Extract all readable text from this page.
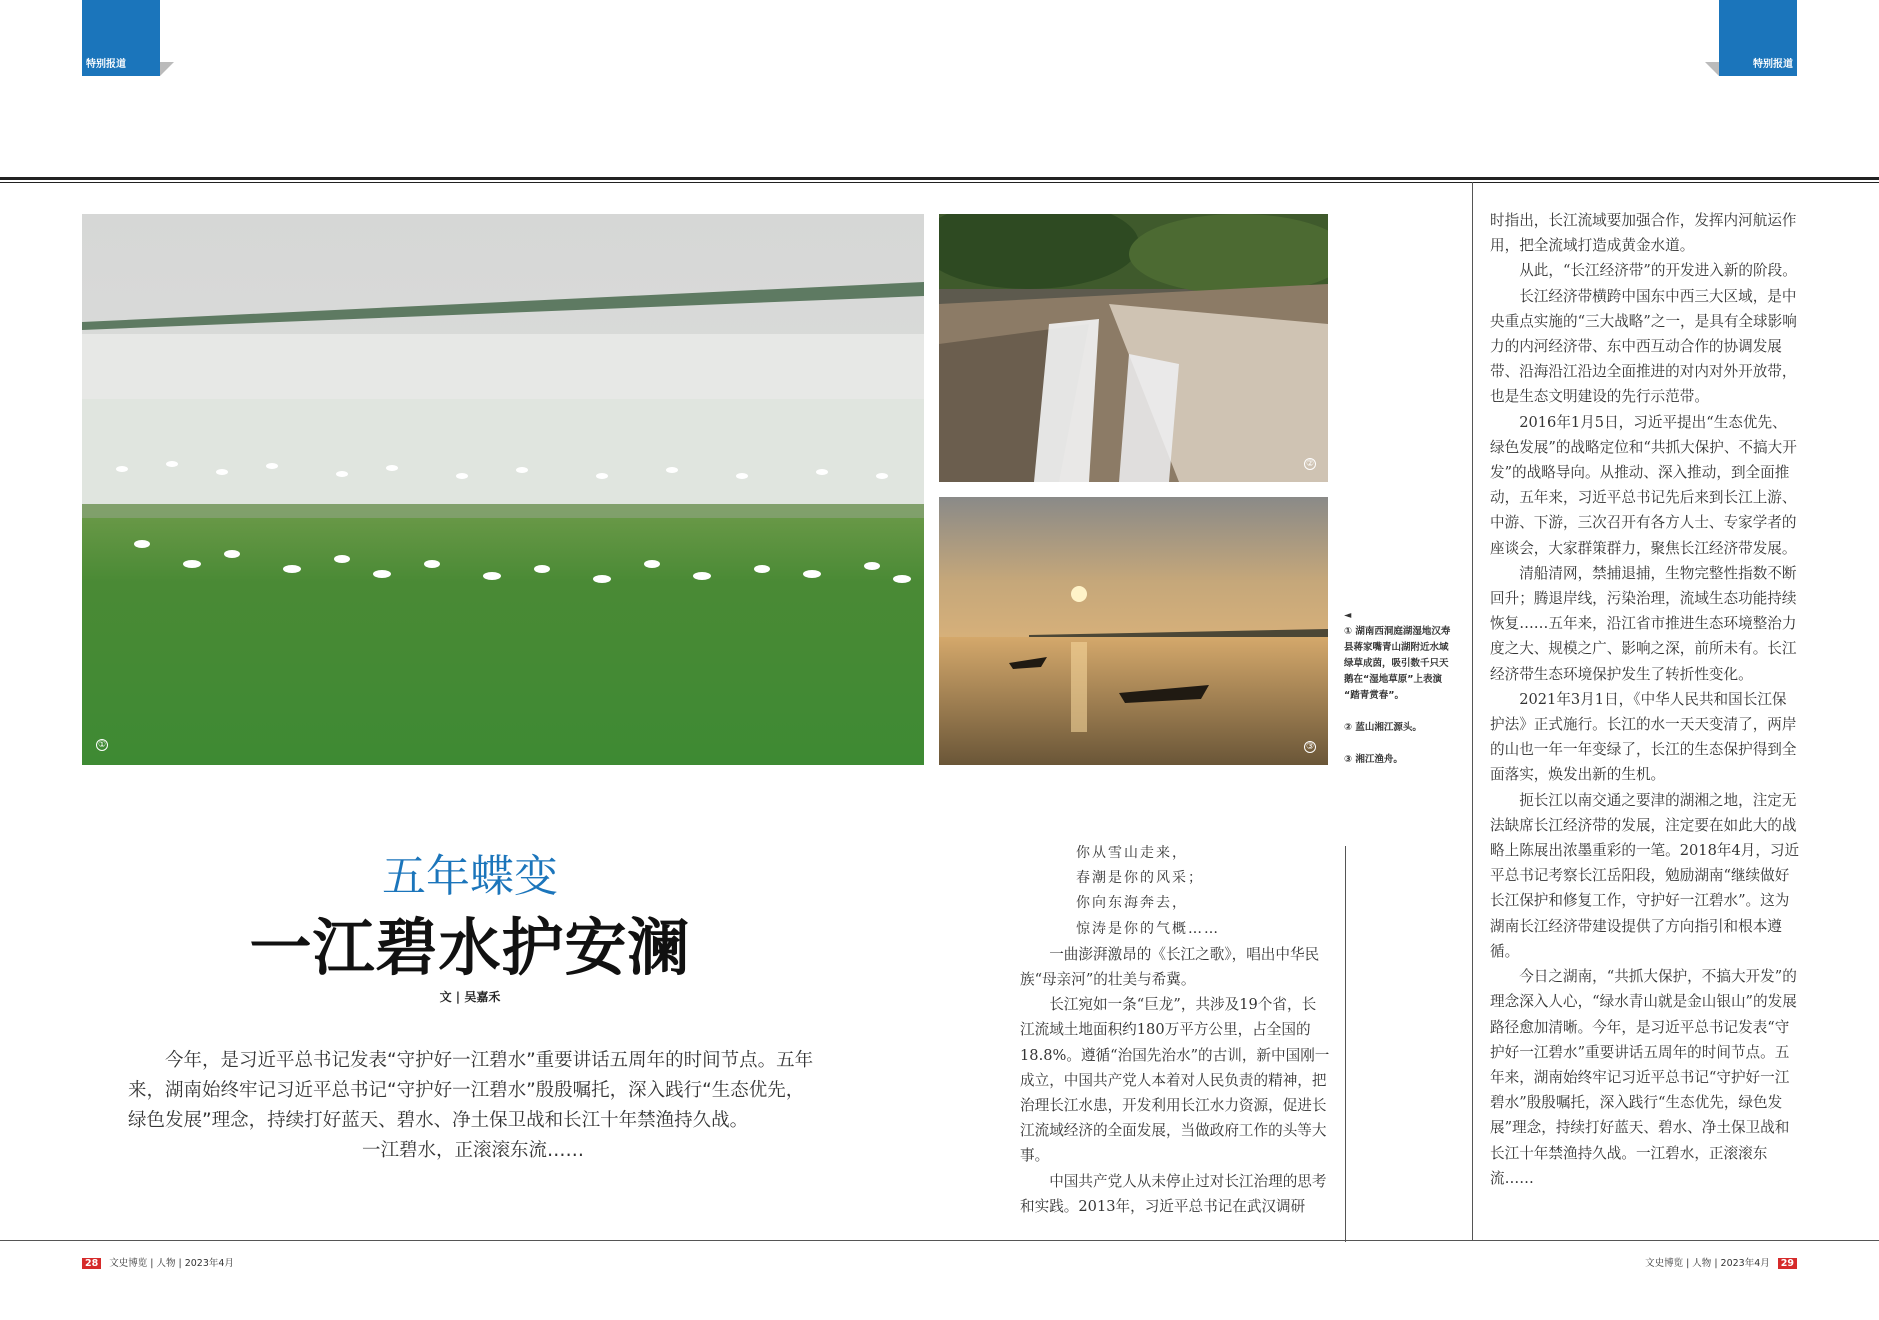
特别报道	特别报道
①
②
③
◄
① 湖南西洞庭湖湿地汉寿
县蒋家嘴青山湖附近水域
绿草成茵，吸引数千只天
鹅在“湿地草原”上表演
“踏青赏春”。
② 蓝山湘江源头。
③ 湘江渔舟。
五年蝶变
一江碧水护安澜
文 | 吴嘉禾

今年，是习近平总书记发表“守护好一江碧水”重要讲话五周年的时间节点。五年来，湖南始终牢记习近平总书记“守护好一江碧水”殷殷嘱托，深入践行“生态优先，绿色发展”理念，持续打好蓝天、碧水、净土保卫战和长江十年禁渔持久战。

一江碧水，正滚滚东流……

你从雪山走来，

春潮是你的风采；

你向东海奔去，

惊涛是你的气概……

一曲澎湃激昂的《长江之歌》，唱出中华民族“母亲河”的壮美与希冀。

长江宛如一条“巨龙”，共涉及19个省，长江流域土地面积约180万平方公里，占全国的18.8%。遵循“治国先治水”的古训，新中国刚一成立，中国共产党人本着对人民负责的精神，把治理长江水患，开发利用长江水力资源，促进长江流域经济的全面发展，当做政府工作的头等大事。

中国共产党人从未停止过对长江治理的思考和实践。2013年，习近平总书记在武汉调研

时指出，长江流域要加强合作，发挥内河航运作用，把全流域打造成黄金水道。

从此，“长江经济带”的开发进入新的阶段。

长江经济带横跨中国东中西三大区域，是中央重点实施的“三大战略”之一，是具有全球影响力的内河经济带、东中西互动合作的协调发展带、沿海沿江沿边全面推进的对内对外开放带，也是生态文明建设的先行示范带。

2016年1月5日，习近平提出“生态优先、绿色发展”的战略定位和“共抓大保护、不搞大开发”的战略导向。从推动、深入推动，到全面推动，五年来，习近平总书记先后来到长江上游、中游、下游，三次召开有各方人士、专家学者的座谈会，大家群策群力，聚焦长江经济带发展。

清船清网，禁捕退捕，生物完整性指数不断回升；腾退岸线，污染治理，流域生态功能持续恢复……五年来，沿江省市推进生态环境整治力度之大、规模之广、影响之深，前所未有。长江经济带生态环境保护发生了转折性变化。

2021年3月1日，《中华人民共和国长江保护法》正式施行。长江的水一天天变清了，两岸的山也一年一年变绿了，长江的生态保护得到全面落实，焕发出新的生机。

扼长江以南交通之要津的湖湘之地，注定无法缺席长江经济带的发展，注定要在如此大的战略上陈展出浓墨重彩的一笔。2018年4月，习近平总书记考察长江岳阳段，勉励湖南“继续做好长江保护和修复工作，守护好一江碧水”。这为湖南长江经济带建设提供了方向指引和根本遵循。

今日之湖南，“共抓大保护，不搞大开发”的理念深入人心，“绿水青山就是金山银山”的发展路径愈加清晰。今年，是习近平总书记发表“守护好一江碧水”重要讲话五周年的时间节点。五年来，湖南始终牢记习近平总书记“守护好一江碧水”殷殷嘱托，深入践行“生态优先，绿色发展”理念，持续打好蓝天、碧水、净土保卫战和长江十年禁渔持久战。一江碧水，正滚滚东流……

28 文史博览 | 人物 | 2023年4月	文史博览 | 人物 | 2023年4月 29
